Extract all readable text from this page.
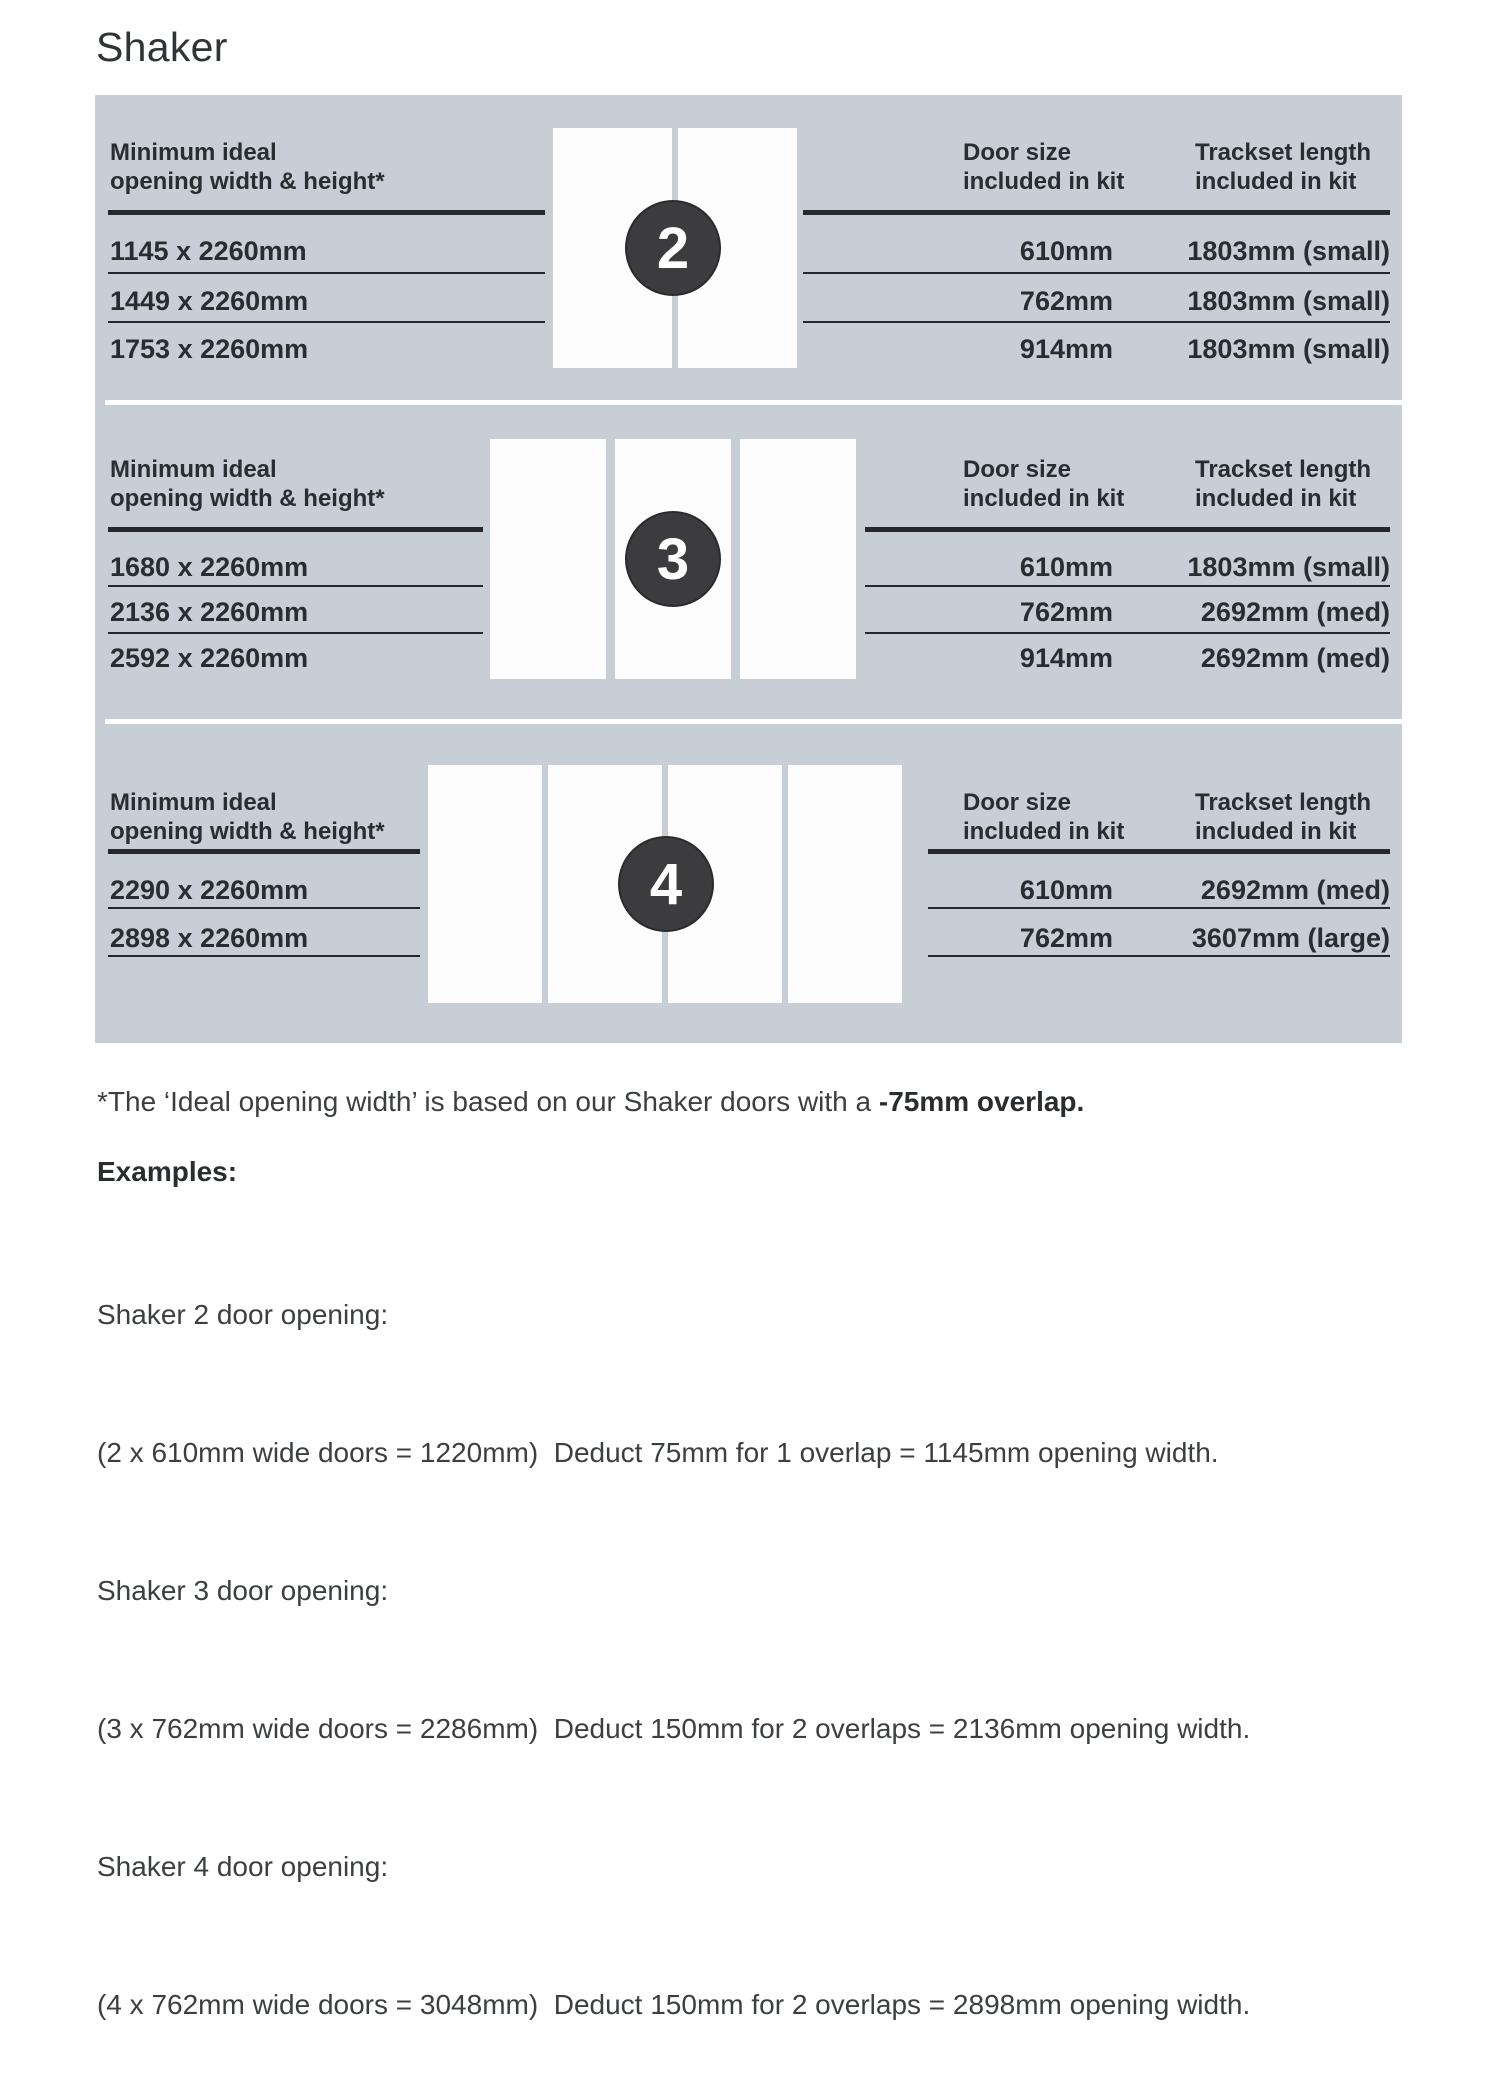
Shaker
Minimum ideal
opening width & height*
Door size
included in kit
Trackset length
included in kit
2
1145 x 2260mm	610mm	1803mm (small)
1449 x 2260mm	762mm	1803mm (small)
1753 x 2260mm	914mm	1803mm (small)
Minimum ideal
opening width & height*
Door size
included in kit
Trackset length
included in kit
3
1680 x 2260mm	610mm	1803mm (small)
2136 x 2260mm	762mm	2692mm (med)
2592 x 2260mm	914mm	2692mm (med)
Minimum ideal
opening width & height*
Door size
included in kit
Trackset length
included in kit
4
2290 x 2260mm	610mm	2692mm (med)
2898 x 2260mm	762mm	3607mm (large)
*The ‘Ideal opening width’ is based on our Shaker doors with a -75mm overlap.
Examples:

Shaker 2 door opening:

(2 x 610mm wide doors = 1220mm)  Deduct 75mm for 1 overlap = 1145mm opening width.

Shaker 3 door opening:

(3 x 762mm wide doors = 2286mm)  Deduct 150mm for 2 overlaps = 2136mm opening width.

Shaker 4 door opening:

(4 x 762mm wide doors = 3048mm)  Deduct 150mm for 2 overlaps = 2898mm opening width.
